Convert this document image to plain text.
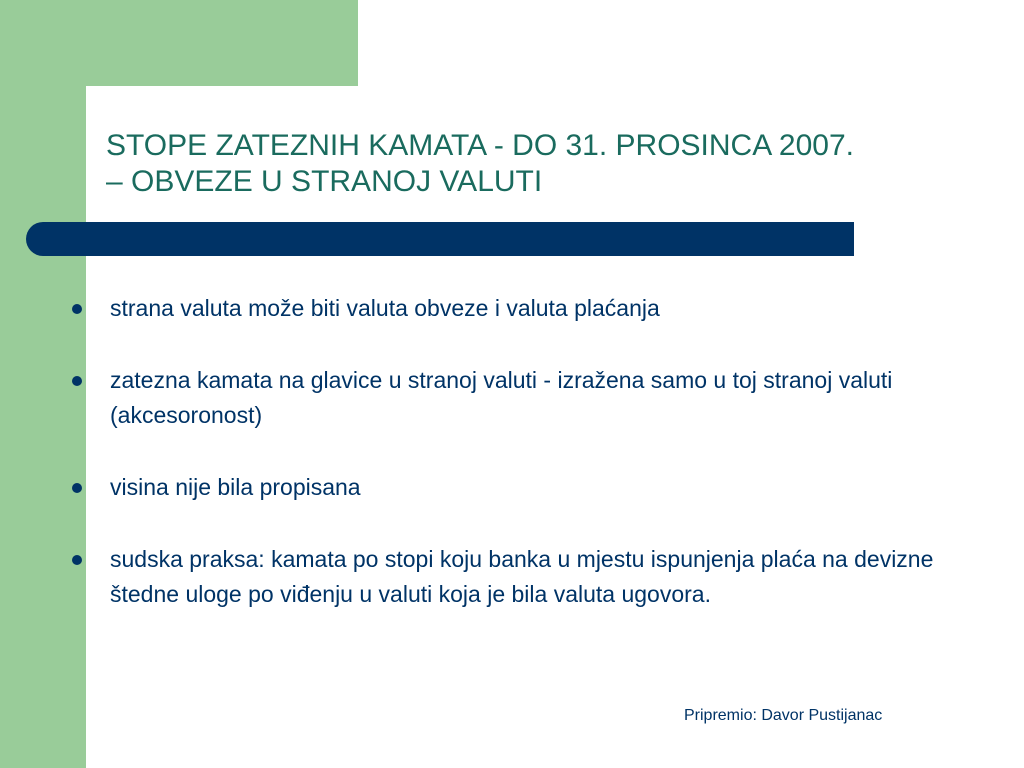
STOPE ZATEZNIH KAMATA - DO 31. PROSINCA 2007.
– OBVEZE U STRANOJ VALUTI
strana valuta može biti valuta obveze i valuta plaćanja
zatezna kamata na glavice u stranoj valuti - izražena samo u toj stranoj valuti (akcesoronost)
visina nije bila propisana
sudska praksa: kamata po stopi koju banka u mjestu ispunjenja plaća na devizne štedne uloge po viđenju u valuti koja je bila valuta ugovora.
Pripremio: Davor Pustijanac
